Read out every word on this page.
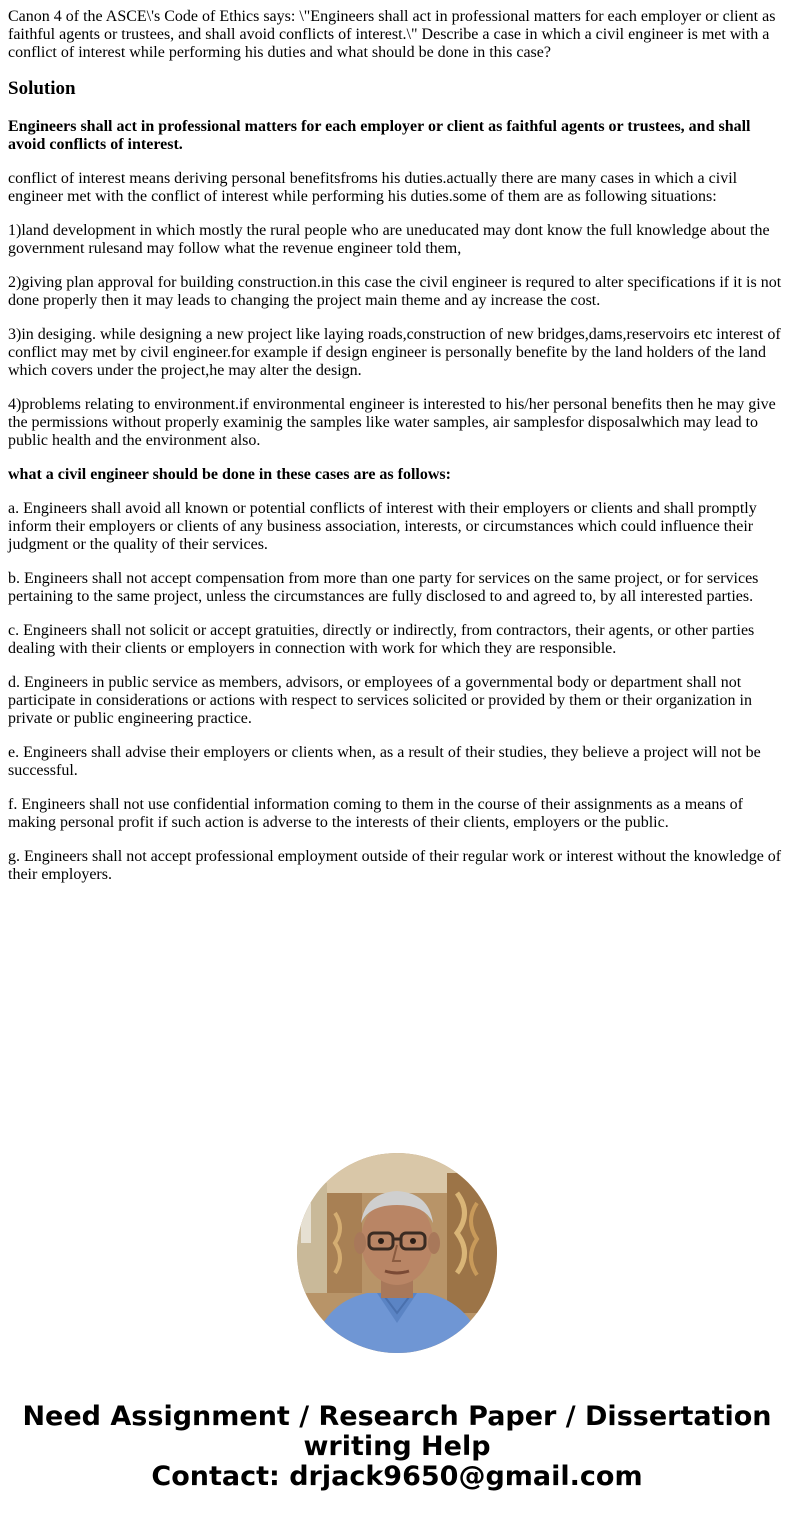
Canon 4 of the ASCE\'s Code of Ethics says: \"Engineers shall act in professional matters for each employer or client as faithful agents or trustees, and shall avoid conflicts of interest.\" Describe a case in which a civil engineer is met with a conflict of interest while performing his duties and what should be done in this case?

Solution

Engineers shall act in professional matters for each employer or client as faithful agents or trustees, and shall avoid conflicts of interest.

conflict of interest means deriving personal benefitsfroms his duties.actually there are many cases in which a civil engineer met with the conflict of interest while performing his duties.some of them are as following situations:

1)land development in which mostly the rural people who are uneducated may dont know the full knowledge about the government rulesand may follow what the revenue engineer told them,

2)giving plan approval for building construction.in this case the civil engineer is requred to alter specifications if it is not done properly then it may leads to changing the project main theme and ay increase the cost.

3)in desiging. while designing a new project like laying roads,construction of new bridges,dams,reservoirs etc interest of conflict may met by civil engineer.for example if design engineer is personally benefite by the land holders of the land which covers under the project,he may alter the design.

4)problems relating to environment.if environmental engineer is interested to his/her personal benefits then he may give the permissions without properly examinig the samples like water samples, air samplesfor disposalwhich may lead to public health and the environment also.

what a civil engineer should be done in these cases are as follows:

a. Engineers shall avoid all known or potential conflicts of interest with their employers or clients and shall promptly inform their employers or clients of any business association, interests, or circumstances which could influence their judgment or the quality of their services.

b. Engineers shall not accept compensation from more than one party for services on the same project, or for services pertaining to the same project, unless the circumstances are fully disclosed to and agreed to, by all interested parties.

c. Engineers shall not solicit or accept gratuities, directly or indirectly, from contractors, their agents, or other parties dealing with their clients or employers in connection with work for which they are responsible.

d. Engineers in public service as members, advisors, or employees of a governmental body or department shall not participate in considerations or actions with respect to services solicited or provided by them or their organization in private or public engineering practice.

e. Engineers shall advise their employers or clients when, as a result of their studies, they believe a project will not be successful.

f. Engineers shall not use confidential information coming to them in the course of their assignments as a means of making personal profit if such action is adverse to the interests of their clients, employers or the public.

g. Engineers shall not accept professional employment outside of their regular work or interest without the knowledge of their employers.

Need Assignment / Research Paper / Dissertation
writing Help
Contact: drjack9650@gmail.com
